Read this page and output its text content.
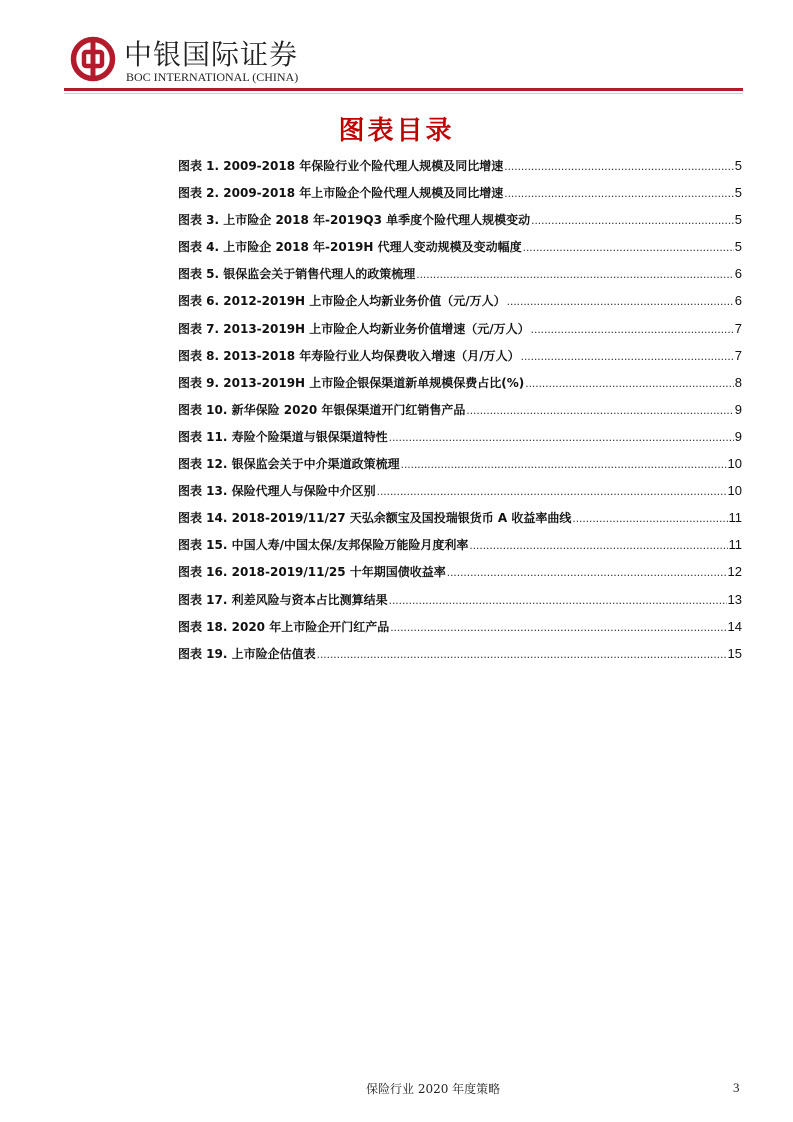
中银国际证券
BOC INTERNATIONAL (CHINA)
图表目录
图表 1. 2009-2018 年保险行业个险代理人规模及同比增速 .....	5
图表 2. 2009-2018 年上市险企个险代理人规模及同比增速 .....	5
图表 3. 上市险企 2018 年-2019Q3 单季度个险代理人规模变动 .....	5
图表 4. 上市险企 2018 年-2019H 代理人变动规模及变动幅度 .....	5
图表 5. 银保监会关于销售代理人的政策梳理 .....	6
图表 6. 2012-2019H 上市险企人均新业务价值（元/万人） .....	6
图表 7. 2013-2019H 上市险企人均新业务价值增速（元/万人） .....	7
图表 8. 2013-2018 年寿险行业人均保费收入增速（月/万人） .....	7
图表 9. 2013-2019H 上市险企银保渠道新单规模保费占比(%) .....	8
图表 10. 新华保险 2020 年银保渠道开门红销售产品 .....	9
图表 11. 寿险个险渠道与银保渠道特性 .....	9
图表 12. 银保监会关于中介渠道政策梳理 .....	10
图表 13. 保险代理人与保险中介区别 .....	10
图表 14. 2018-2019/11/27 天弘余额宝及国投瑞银货币 A 收益率曲线 .....	11
图表 15. 中国人寿/中国太保/友邦保险万能险月度利率 .....	11
图表 16. 2018-2019/11/25 十年期国债收益率 .....	12
图表 17. 利差风险与资本占比测算结果 .....	13
图表 18. 2020 年上市险企开门红产品 .....	14
图表 19. 上市险企估值表 .....	15
保险行业 2020 年度策略	3
